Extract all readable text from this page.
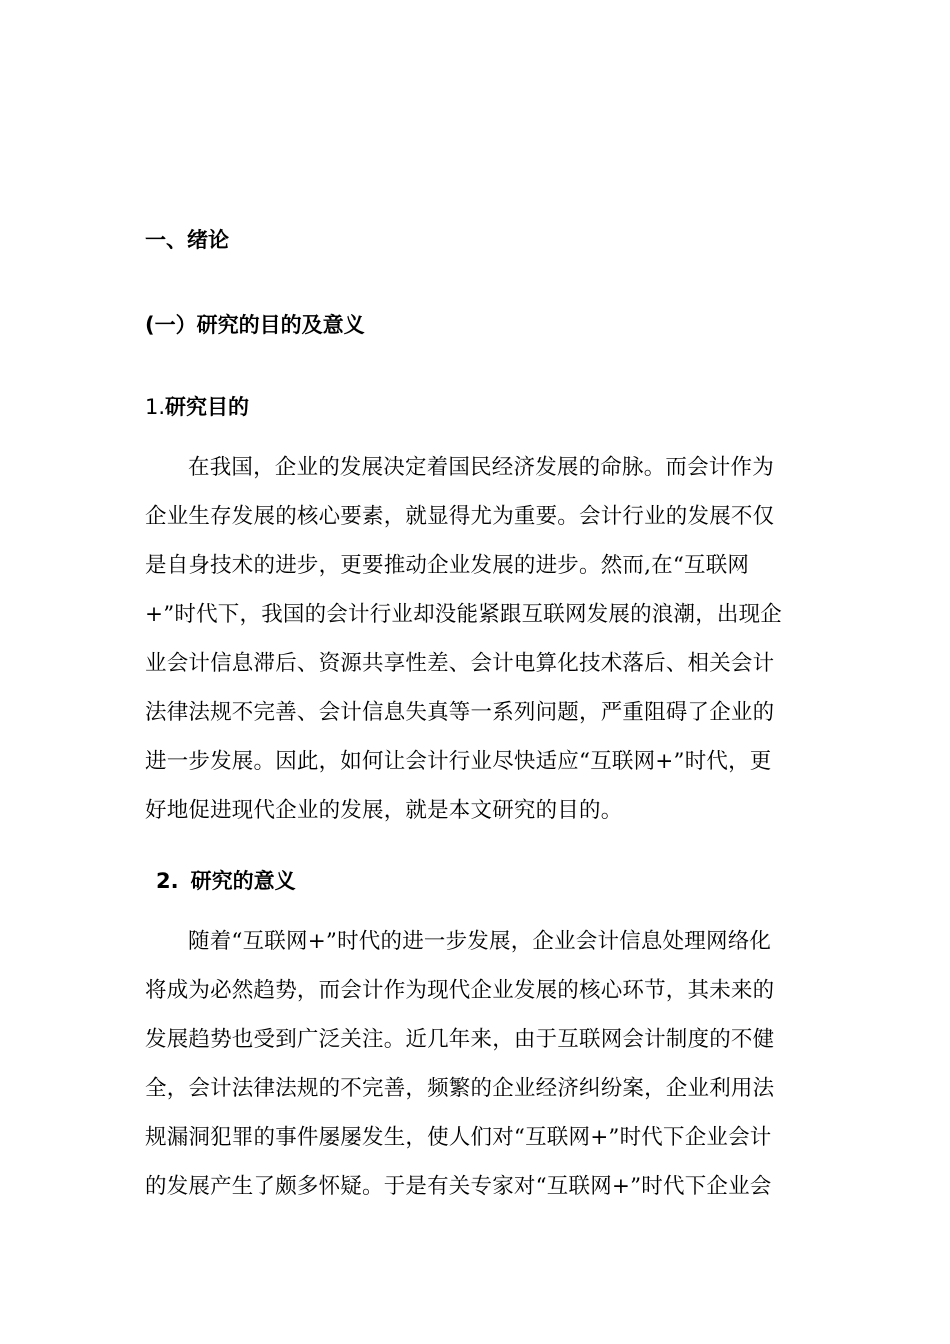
一、绪论
(一）研究的目的及意义
1.研究目的
在我国，企业的发展决定着国民经济发展的命脉。而会计作为
企业生存发展的核心要素，就显得尤为重要。会计行业的发展不仅
是自身技术的进步，更要推动企业发展的进步。然而,在“互联网
+”时代下，我国的会计行业却没能紧跟互联网发展的浪潮，出现企
业会计信息滞后、资源共享性差、会计电算化技术落后、相关会计
法律法规不完善、会计信息失真等一系列问题，严重阻碍了企业的
进一步发展。因此，如何让会计行业尽快适应“互联网+”时代，更
好地促进现代企业的发展，就是本文研究的目的。
2. 研究的意义
随着“互联网+”时代的进一步发展，企业会计信息处理网络化
将成为必然趋势，而会计作为现代企业发展的核心环节，其未来的
发展趋势也受到广泛关注。近几年来，由于互联网会计制度的不健
全，会计法律法规的不完善，频繁的企业经济纠纷案，企业利用法
规漏洞犯罪的事件屡屡发生，使人们对“互联网+”时代下企业会计
的发展产生了颇多怀疑。于是有关专家对“互联网+”时代下企业会
